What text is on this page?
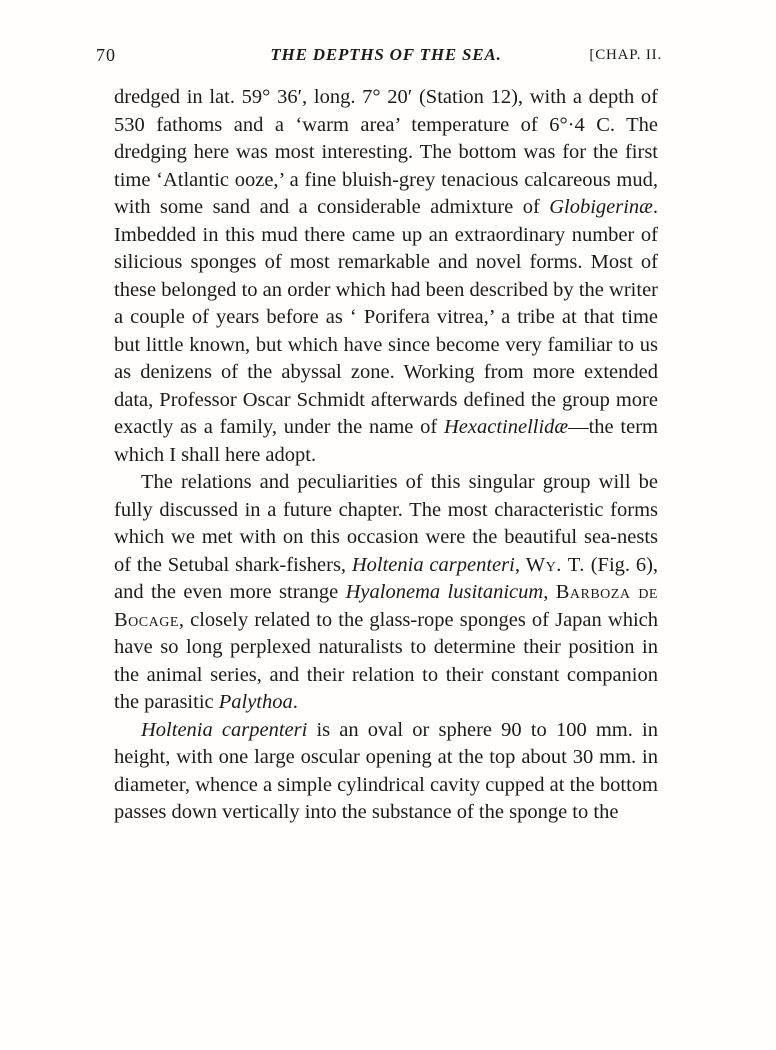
70	THE DEPTHS OF THE SEA.	[CHAP. II.

dredged in lat. 59° 36′, long. 7° 20′ (Station 12), with a depth of 530 fathoms and a ‘warm area’ temperature of 6°·4 C. The dredging here was most interesting. The bottom was for the first time ‘Atlantic ooze,’ a fine bluish-grey tenacious calcareous mud, with some sand and a considerable admixture of Globigerinæ. Imbedded in this mud there came up an extraordinary number of silicious sponges of most remarkable and novel forms. Most of these belonged to an order which had been described by the writer a couple of years before as ‘ Porifera vitrea,’ a tribe at that time but little known, but which have since become very familiar to us as denizens of the abyssal zone. Working from more extended data, Professor Oscar Schmidt afterwards defined the group more exactly as a family, under the name of Hexactinellidæ—the term which I shall here adopt.

The relations and peculiarities of this singular group will be fully discussed in a future chapter. The most characteristic forms which we met with on this occasion were the beautiful sea-nests of the Setubal shark-fishers, Holtenia carpenteri, Wy. T. (Fig. 6), and the even more strange Hyalonema lusitanicum, Barboza de Bocage, closely related to the glass-rope sponges of Japan which have so long perplexed naturalists to determine their position in the animal series, and their relation to their constant companion the parasitic Palythoa.

Holtenia carpenteri is an oval or sphere 90 to 100 mm. in height, with one large oscular opening at the top about 30 mm. in diameter, whence a simple cylindrical cavity cupped at the bottom passes down vertically into the substance of the sponge to the
